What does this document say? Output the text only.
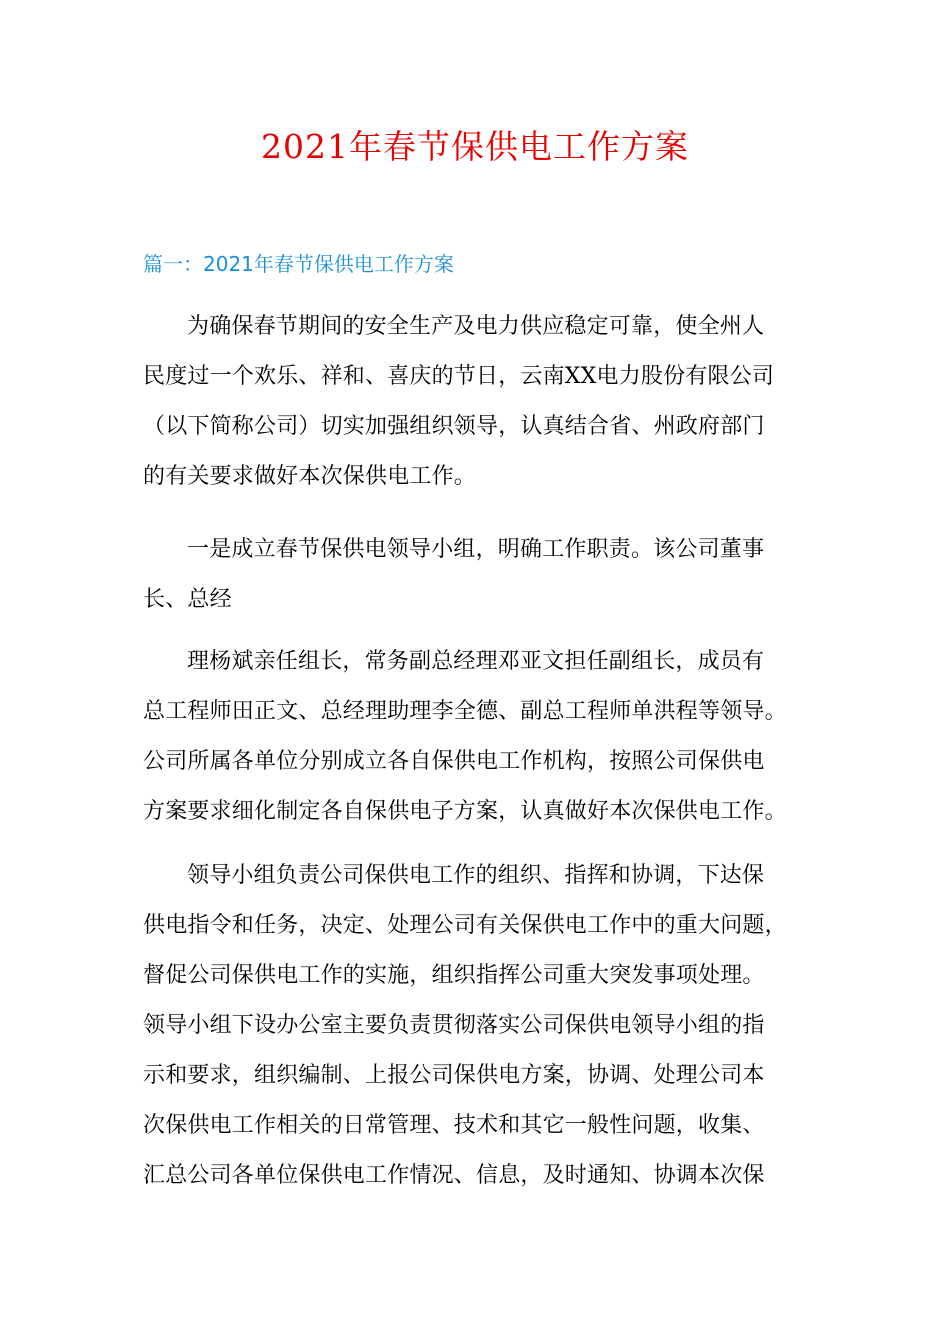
2021年春节保供电工作方案
篇一：2021年春节保供电工作方案

为确保春节期间的安全生产及电力供应稳定可靠，使全州人
民度过一个欢乐、祥和、喜庆的节日，云南XX电力股份有限公司
（以下简称公司）切实加强组织领导，认真结合省、州政府部门
的有关要求做好本次保供电工作。

一是成立春节保供电领导小组，明确工作职责。该公司董事
长、总经

理杨斌亲任组长，常务副总经理邓亚文担任副组长，成员有
总工程师田正文、总经理助理李全德、副总工程师单洪程等领导。
公司所属各单位分别成立各自保供电工作机构，按照公司保供电
方案要求细化制定各自保供电子方案，认真做好本次保供电工作。

领导小组负责公司保供电工作的组织、指挥和协调，下达保
供电指令和任务，决定、处理公司有关保供电工作中的重大问题，
督促公司保供电工作的实施，组织指挥公司重大突发事项处理。
领导小组下设办公室主要负责贯彻落实公司保供电领导小组的指
示和要求，组织编制、上报公司保供电方案，协调、处理公司本
次保供电工作相关的日常管理、技术和其它一般性问题，收集、
汇总公司各单位保供电工作情况、信息，及时通知、协调本次保
